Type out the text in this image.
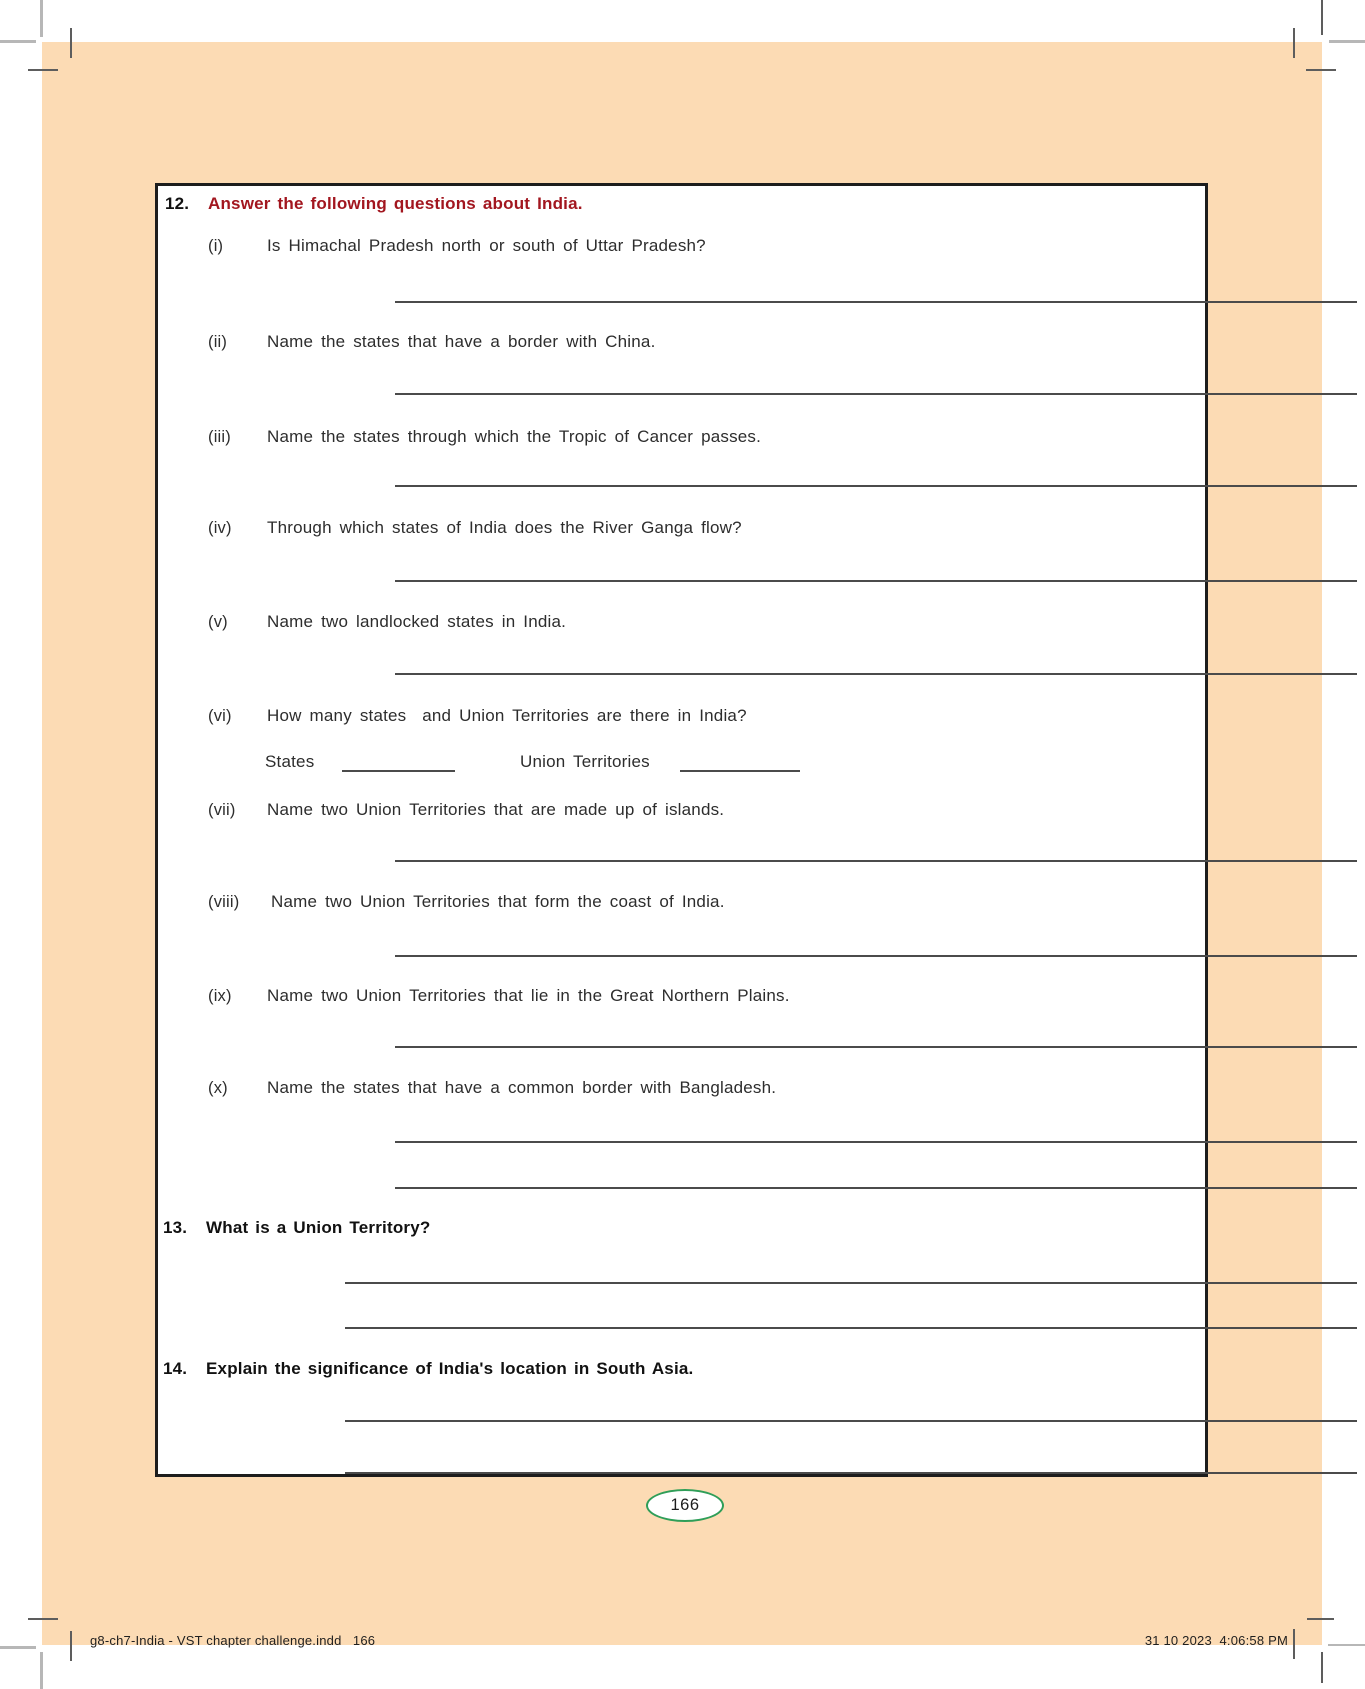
12. Answer the following questions about India.
(i)	Is Himachal Pradesh north or south of Uttar Pradesh?
(ii) Name the states that have a border with China.
(iii) Name the states through which the Tropic of Cancer passes.
(iv) Through which states of India does the River Ganga flow?
(v) Name two landlocked states in India.
(vi) How many states  and Union Territories are there in India?
States	Union Territories
(vii) Name two Union Territories that are made up of islands.
(viii) Name two Union Territories that form the coast of India.
(ix) Name two Union Territories that lie in the Great Northern Plains.
(x) Name the states that have a common border with Bangladesh.
13. What is a Union Territory?
14. Explain the significance of India's location in South Asia.
166
g8-ch7-India - VST chapter challenge.indd   166	31 10 2023  4:06:58 PM
